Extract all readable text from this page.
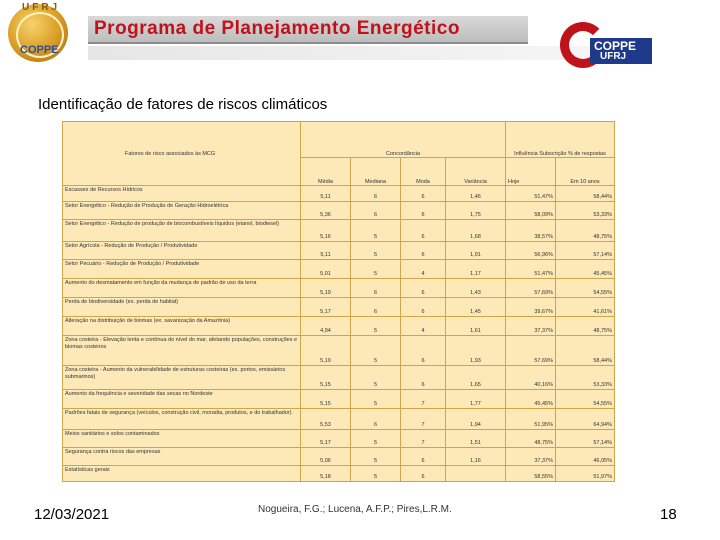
UFRJ
COPPE
Programa de Planejamento Energético
COPPE
UFRJ
Identificação de fatores de riscos climáticos
Fatores de risco associados às MCG	Concordância				Influência Subscrição % de respostas	
	Média	Mediana	Moda	Variância	Hoje	Em 10 anos
Escassez de Recursos Hídricos	5,11	6	6	1,46	51,47%	58,44%
Setor Energético - Redução de Produção de Geração Hidroelétrica	5,36	6	6	1,75	58,09%	53,33%
Setor Energético - Redução de produção de biocombustíveis líquidos (etanol, biodiesel)	5,16	5	6	1,68	38,57%	48,75%
Setor Agrícola - Redução de Produção / Produtividade	5,11	5	6	1,91	56,96%	57,14%
Setor Pecuário - Redução de Produção / Produtividade	5,01	5	4	1,17	51,47%	45,45%
Aumento do desmatamento em função da mudança de padrão de uso da terra	5,19	6	6	1,43	57,69%	54,55%
Perda de biodiversidade (ex. perda de habitat)	5,17	6	6	1,45	39,67%	41,61%
Alteração na distribuição de biomas (ex. savanização da Amazônia)	4,94	5	4	1,61	37,37%	48,75%
Zona costeira - Elevação lenta e contínua do nível do mar, afetando populações, construções e biomas costeiros	5,19	5	6	1,93	57,69%	58,44%
Zona costeira - Aumento da vulnerabilidade de estruturas costeiras (ex. portos, emissários submarinos)	5,15	5	6	1,65	40,16%	53,33%
Aumento da frequência e severidade das secas no Nordeste	5,15	5	7	1,77	45,45%	54,55%
Padrões fatais de segurança (veículos, construção civil, moradia, produtos, e do trabalhador)	5,53	6	7	1,94	51,95%	64,94%
Meios sanitários e solos contaminados	5,17	5	7	1,51	48,75%	57,14%
Segurança contra riscos das empresas	5,06	5	6	1,16	37,37%	46,05%
Estatísticas gerais	5,18	5	6		58,55%	51,97%
12/03/2021	Nogueira, F.G.; Lucena, A.F.P.; Pires,L.R.M.	18
